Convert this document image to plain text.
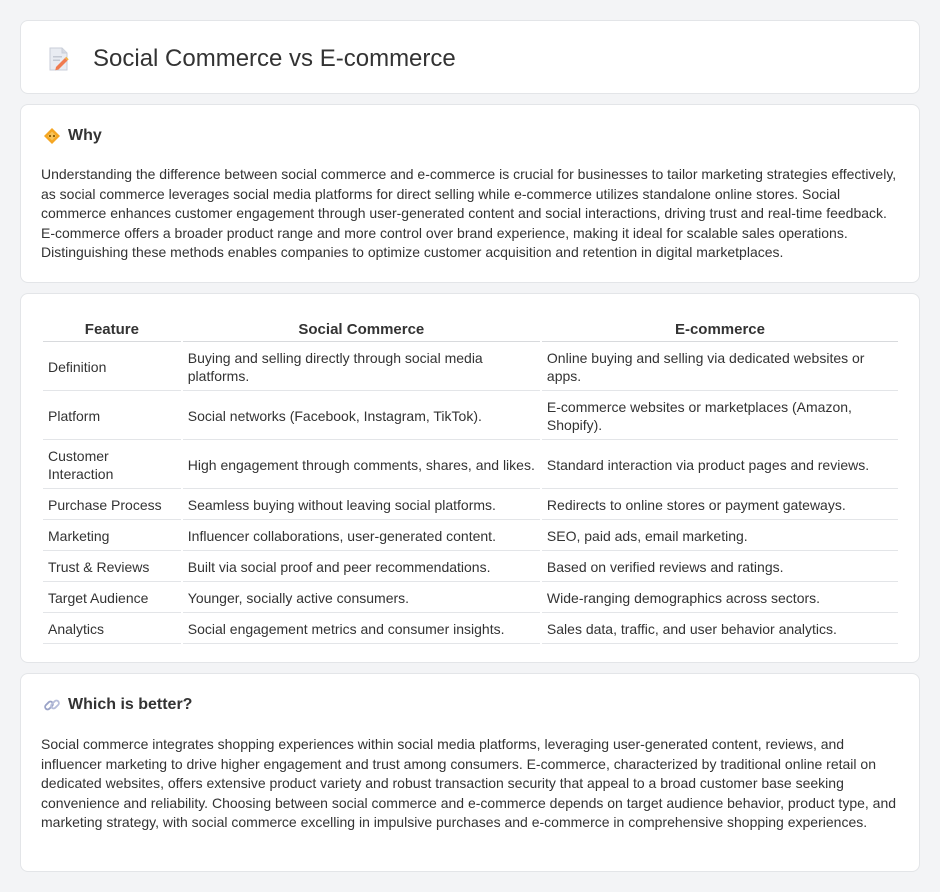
Social Commerce vs E-commerce
Why

Understanding the difference between social commerce and e-commerce is crucial for businesses to tailor marketing strategies effectively, as social commerce leverages social media platforms for direct selling while e-commerce utilizes standalone online stores. Social commerce enhances customer engagement through user-generated content and social interactions, driving trust and real-time feedback. E-commerce offers a broader product range and more control over brand experience, making it ideal for scalable sales operations. Distinguishing these methods enables companies to optimize customer acquisition and retention in digital marketplaces.

Feature	Social Commerce	E-commerce
Definition	Buying and selling directly through social media platforms.	Online buying and selling via dedicated websites or apps.
Platform	Social networks (Facebook, Instagram, TikTok).	E-commerce websites or marketplaces (Amazon, Shopify).
Customer Interaction	High engagement through comments, shares, and likes.	Standard interaction via product pages and reviews.
Purchase Process	Seamless buying without leaving social platforms.	Redirects to online stores or payment gateways.
Marketing	Influencer collaborations, user-generated content.	SEO, paid ads, email marketing.
Trust & Reviews	Built via social proof and peer recommendations.	Based on verified reviews and ratings.
Target Audience	Younger, socially active consumers.	Wide-ranging demographics across sectors.
Analytics	Social engagement metrics and consumer insights.	Sales data, traffic, and user behavior analytics.
Which is better?

Social commerce integrates shopping experiences within social media platforms, leveraging user-generated content, reviews, and influencer marketing to drive higher engagement and trust among consumers. E-commerce, characterized by traditional online retail on dedicated websites, offers extensive product variety and robust transaction security that appeal to a broad customer base seeking convenience and reliability. Choosing between social commerce and e-commerce depends on target audience behavior, product type, and marketing strategy, with social commerce excelling in impulsive purchases and e-commerce in comprehensive shopping experiences.
